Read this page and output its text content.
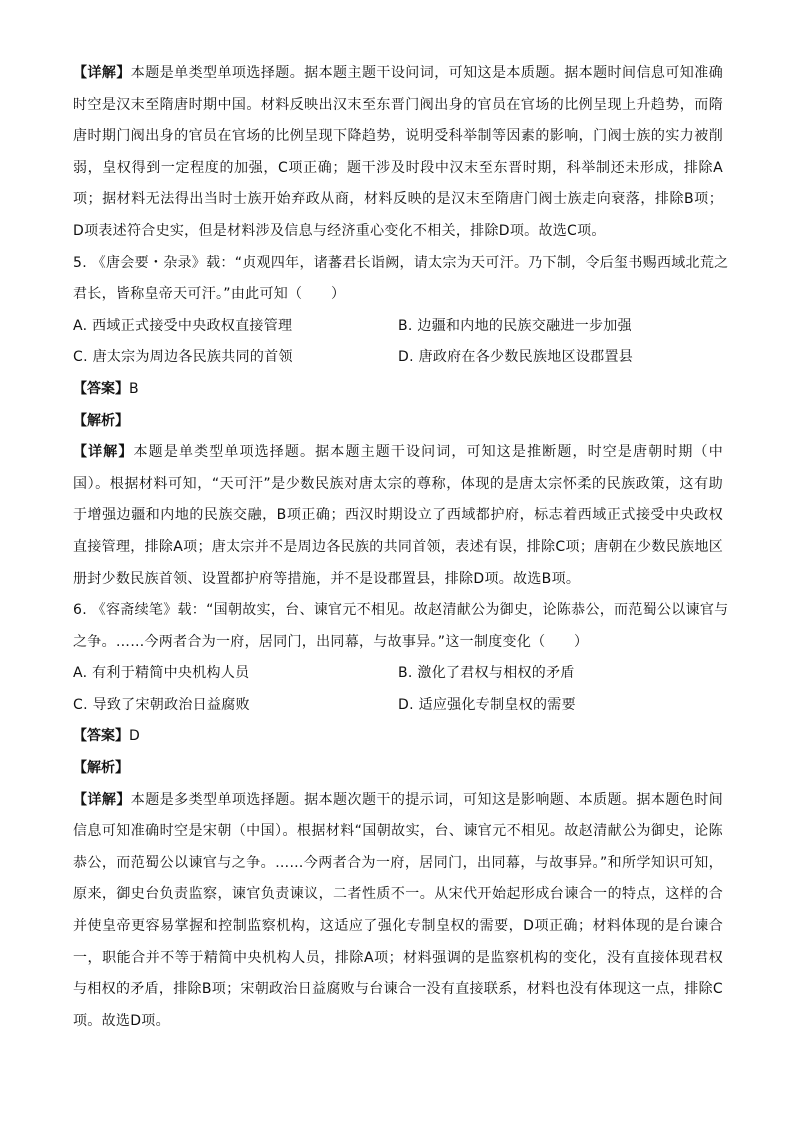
【详解】本题是单类型单项选择题。据本题主题干设问词，可知这是本质题。据本题时间信息可知准确时空是汉末至隋唐时期中国。材料反映出汉末至东晋门阀出身的官员在官场的比例呈现上升趋势，而隋唐时期门阀出身的官员在官场的比例呈现下降趋势，说明受科举制等因素的影响，门阀士族的实力被削弱，皇权得到一定程度的加强，C项正确；题干涉及时段中汉末至东晋时期，科举制还未形成，排除A项；据材料无法得出当时士族开始弃政从商，材料反映的是汉末至隋唐门阀士族走向衰落，排除B项；D项表述符合史实，但是材料涉及信息与经济重心变化不相关，排除D项。故选C项。

5. 《唐会要・杂录》载：“贞观四年，诸蕃君长诣阙，请太宗为天可汗。乃下制，令后玺书赐西域北荒之

君长，皆称皇帝天可汗。”由此可知（　　）

A. 西域正式接受中央政权直接管理	B. 边疆和内地的民族交融进一步加强
C. 唐太宗为周边各民族共同的首领	D. 唐政府在各少数民族地区设郡置县

【答案】B

【解析】

【详解】本题是单类型单项选择题。据本题主题干设问词，可知这是推断题，时空是唐朝时期（中国）。根据材料可知，“天可汗”是少数民族对唐太宗的尊称，体现的是唐太宗怀柔的民族政策，这有助于增强边疆和内地的民族交融，B项正确；西汉时期设立了西域都护府，标志着西域正式接受中央政权直接管理，排除A项；唐太宗并不是周边各民族的共同首领，表述有误，排除C项；唐朝在少数民族地区册封少数民族首领、设置都护府等措施，并不是设郡置县，排除D项。故选B项。

6. 《容斋续笔》载：“国朝故实，台、谏官元不相见。故赵清献公为御史，论陈恭公，而范蜀公以谏官与

之争。……今两者合为一府，居同门，出同幕，与故事异。”这一制度变化（　　）

A. 有利于精简中央机构人员	B. 激化了君权与相权的矛盾
C. 导致了宋朝政治日益腐败	D. 适应强化专制皇权的需要

【答案】D

【解析】

【详解】本题是多类型单项选择题。据本题次题干的提示词，可知这是影响题、本质题。据本题色时间信息可知准确时空是宋朝（中国）。根据材料“国朝故实，台、谏官元不相见。故赵清献公为御史，论陈恭公，而范蜀公以谏官与之争。……今两者合为一府，居同门，出同幕，与故事异。”和所学知识可知，原来，御史台负责监察，谏官负责谏议，二者性质不一。从宋代开始起形成台谏合一的特点，这样的合并使皇帝更容易掌握和控制监察机构，这适应了强化专制皇权的需要，D项正确；材料体现的是台谏合一，职能合并不等于精简中央机构人员，排除A项；材料强调的是监察机构的变化，没有直接体现君权与相权的矛盾，排除B项；宋朝政治日益腐败与台谏合一没有直接联系，材料也没有体现这一点，排除C项。故选D项。
